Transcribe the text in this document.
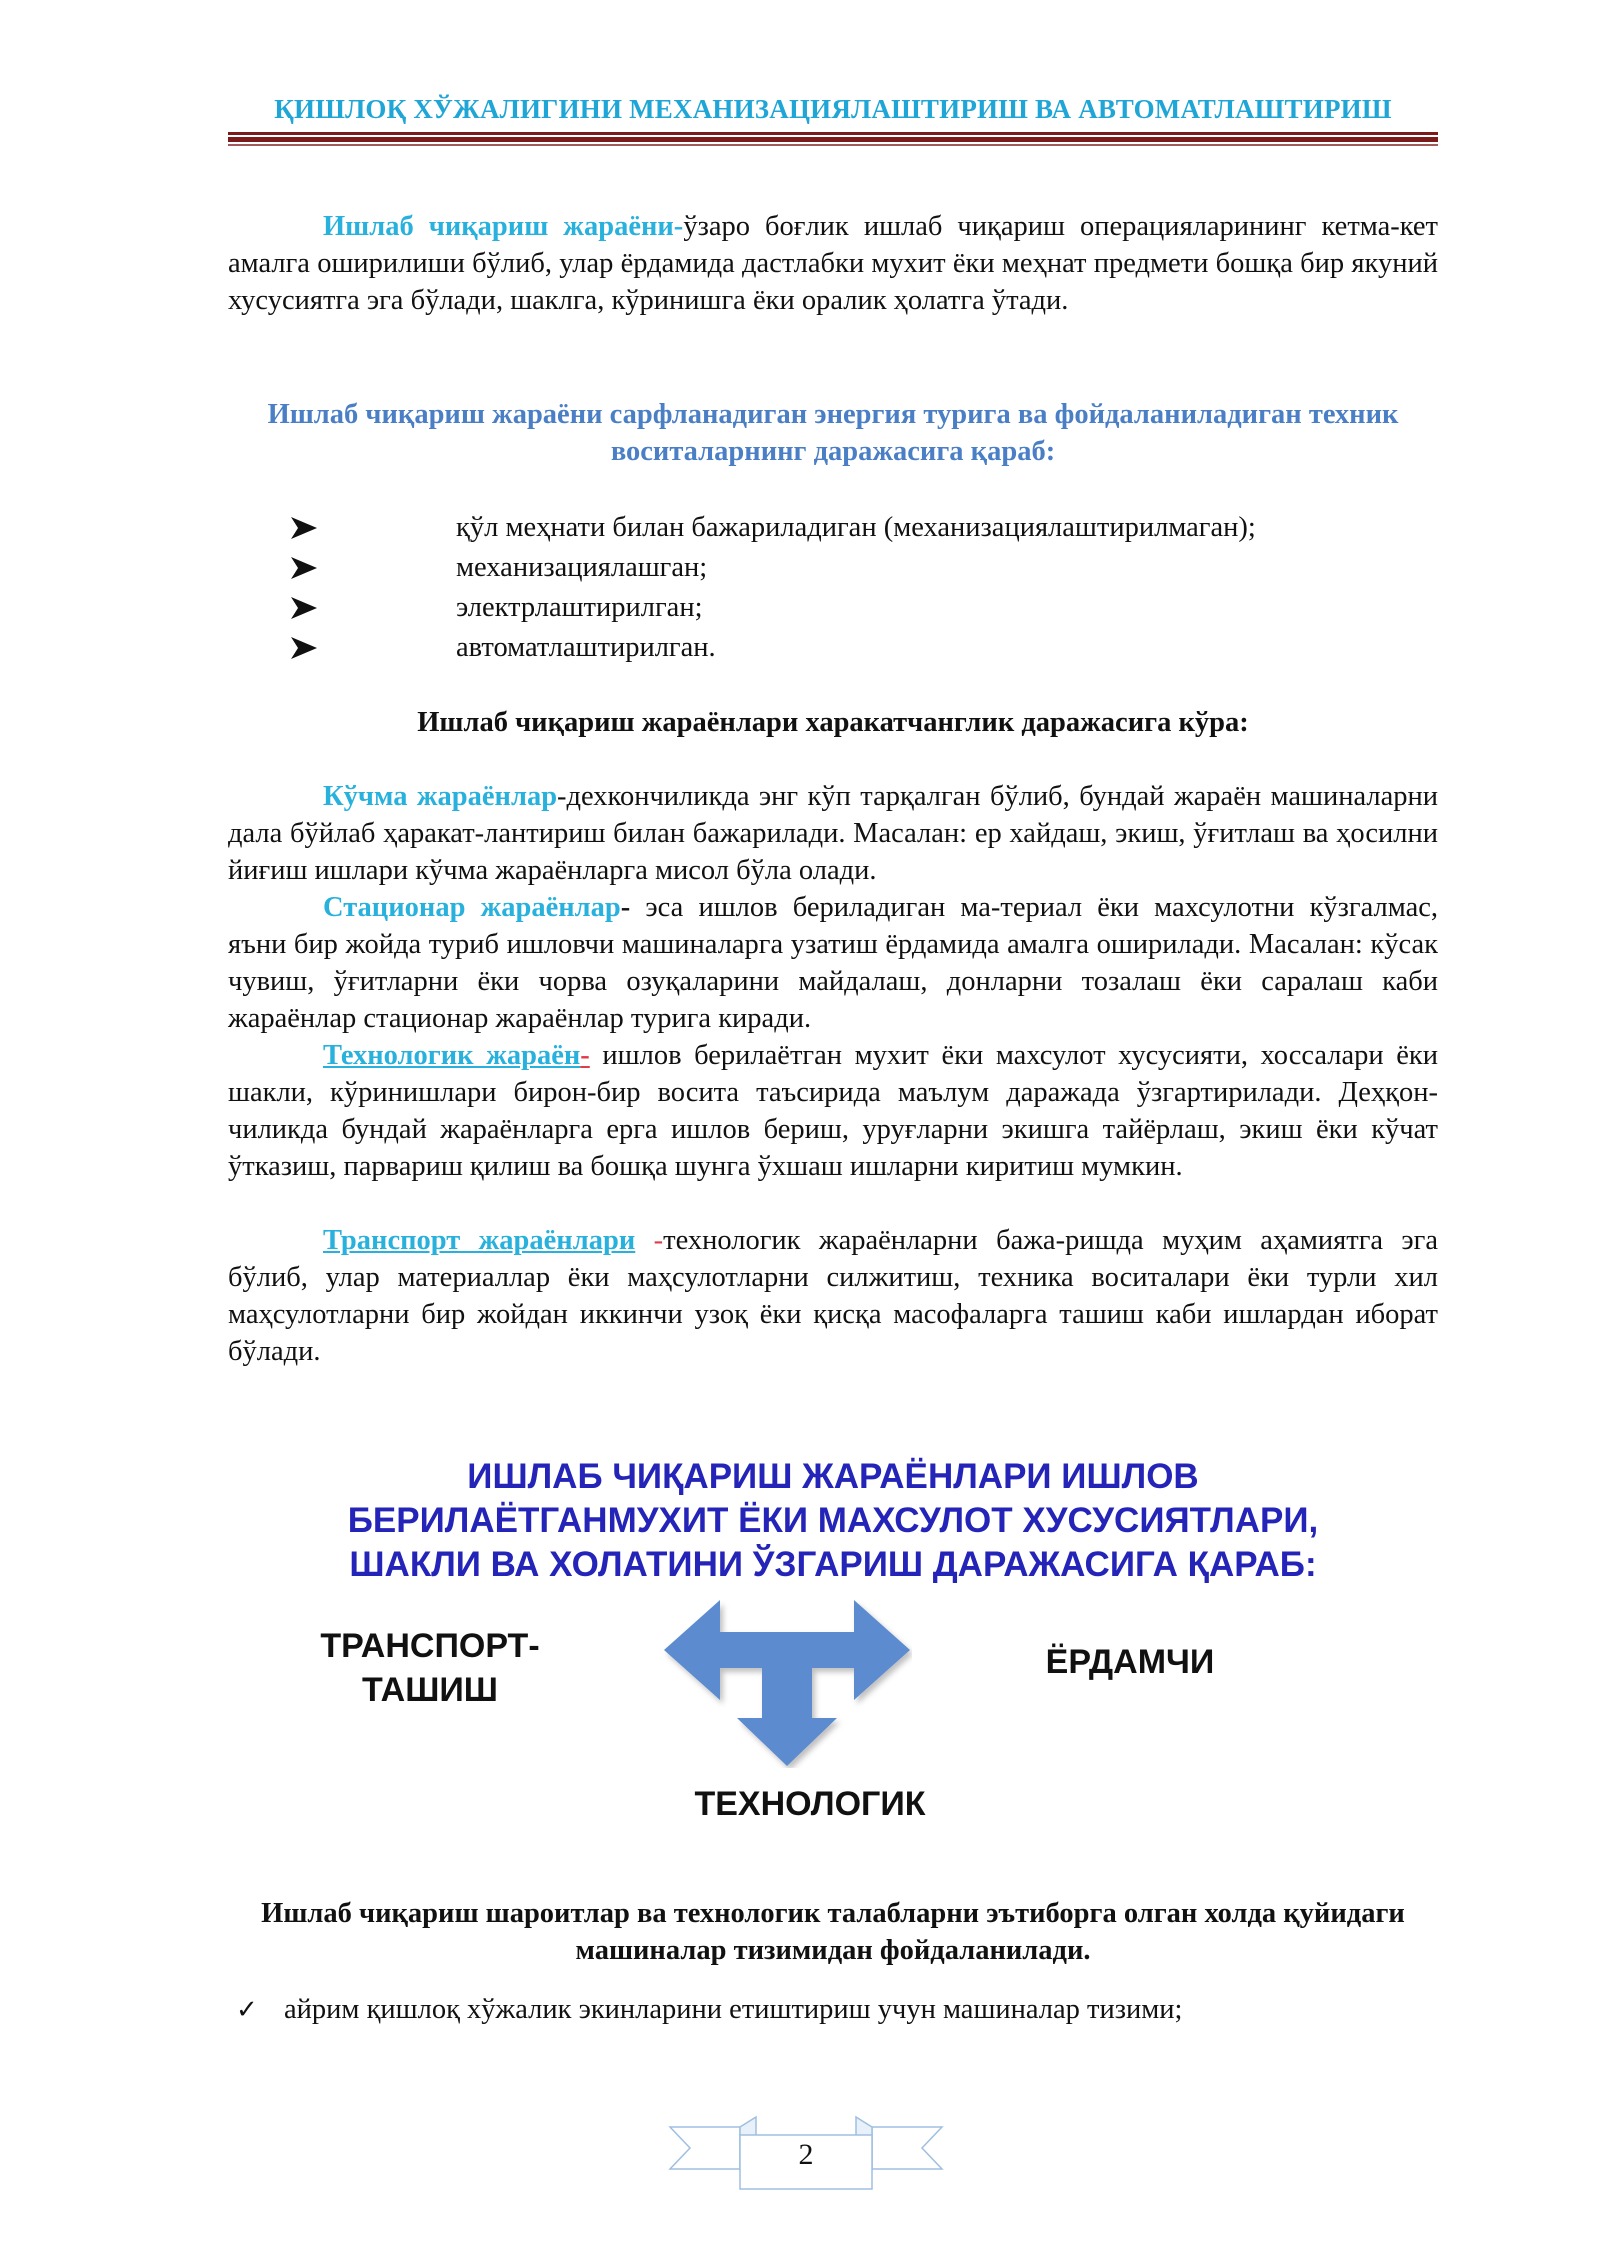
ҚИШЛОҚ ХЎЖАЛИГИНИ МЕХАНИЗАЦИЯЛАШТИРИШ ВА АВТОМАТЛАШТИРИШ

Ишлаб чиқариш жараёни-ўзаро боғлик ишлаб чиқариш операцияларининг кетма-кет амалга оширилиши бўлиб, улар ёрдамида дастлабки мухит ёки меҳнат предмети бошқа бир якуний хусусиятга эга бўлади, шаклга, кўринишга ёки оралик ҳолатга ўтади.

Ишлаб чиқариш жараёни сарфланадиган энергия турига ва фойдаланиладиган техник воситаларнинг даражасига қараб:
қўл меҳнати билан бажариладиган (механизациялаштирилмаган);
механизациялашган;
электрлаштирилган;
автоматлаштирилган.
Ишлаб чиқариш жараёнлари харакатчанглик даражасига кўра:

Кўчма жараёнлар-дехкончиликда энг кўп тарқалган бўлиб, бундай жараён машиналарни дала бўйлаб ҳаракат-лантириш билан бажарилади. Масалан: ер хайдаш, экиш, ўғитлаш ва ҳосилни йиғиш ишлари кўчма жараёнларга мисол бўла олади.

Стационар жараёнлар- эса ишлов бериладиган ма-териал ёки махсулотни кўзгалмас, яъни бир жойда туриб ишловчи машиналарга узатиш ёрдамида амалга оширилади. Масалан: кўсак чувиш, ўғитларни ёки чорва озуқаларини майдалаш, донларни тозалаш ёки саралаш каби жараёнлар стационар жараёнлар турига киради.

Технологик жараён- ишлов берилаётган мухит ёки махсулот хусусияти, хоссалари ёки шакли, кўринишлари бирон-бир восита таъсирида маълум даражада ўзгартирилади. Деҳқон-чиликда бундай жараёнларга ерга ишлов бериш, уруғларни экишга тайёрлаш, экиш ёки кўчат ўтказиш, парвариш қилиш ва бошқа шунга ўхшаш ишларни киритиш мумкин.

Транспорт жараёнлари -технологик жараёнларни бажа-ришда муҳим аҳамиятга эга бўлиб, улар материаллар ёки маҳсулотларни силжитиш, техника воситалари ёки турли хил маҳсулотларни бир жойдан иккинчи узоқ ёки қисқа масофаларга ташиш каби ишлардан иборат бўлади.

ИШЛАБ ЧИҚАРИШ ЖАРАЁНЛАРИ ИШЛОВ
БЕРИЛАЁТГАНМУХИТ ЁКИ МАХСУЛОТ ХУСУСИЯТЛАРИ,
ШАКЛИ ВА ХОЛАТИНИ ЎЗГАРИШ ДАРАЖАСИГА ҚАРАБ:
ТРАНСПОРТ-
ТАШИШ
ЁРДАМЧИ
ТЕХНОЛОГИК
Ишлаб чиқариш шароитлар ва технологик талабларни эътиборга олган холда қуйидаги машиналар тизимидан фойдаланилади.
✓ айрим қишлоқ хўжалик экинларини етиштириш учун машиналар тизими;
2
